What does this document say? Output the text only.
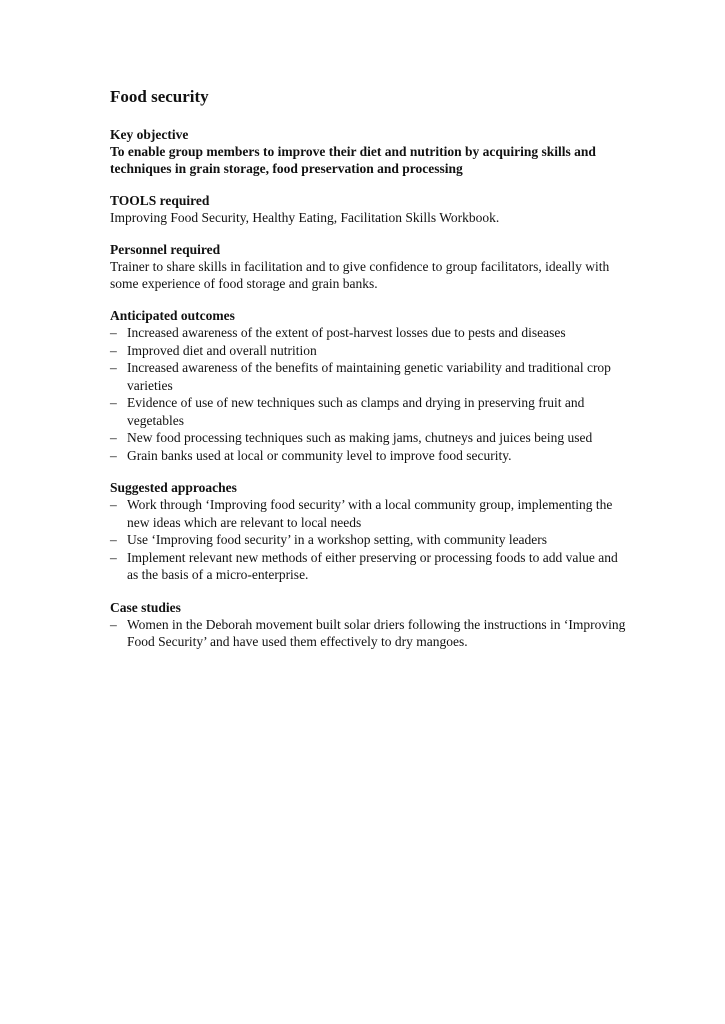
Food security

Key objective

To enable group members to improve their diet and nutrition by acquiring skills and techniques in grain storage, food preservation and processing

TOOLS required

Improving Food Security, Healthy Eating, Facilitation Skills Workbook.

Personnel required

Trainer to share skills in facilitation and to give confidence to group facilitators, ideally with some experience of food storage and grain banks.

Anticipated outcomes

– Increased awareness of the extent of post-harvest losses due to pests and diseases
– Improved diet and overall nutrition
– Increased awareness of the benefits of maintaining genetic variability and traditional crop varieties
– Evidence of use of new techniques such as clamps and drying in preserving fruit and vegetables
– New food processing techniques such as making jams, chutneys and juices being used
– Grain banks used at local or community level to improve food security.

Suggested approaches

– Work through ‘Improving food security’ with a local community group, implementing the new ideas which are relevant to local needs
– Use ‘Improving food security’ in a workshop setting, with community leaders
– Implement relevant new methods of either preserving or processing foods to add value and as the basis of a micro-enterprise.

Case studies

– Women in the Deborah movement built solar driers following the instructions in ‘Improving Food Security’ and have used them effectively to dry mangoes.
